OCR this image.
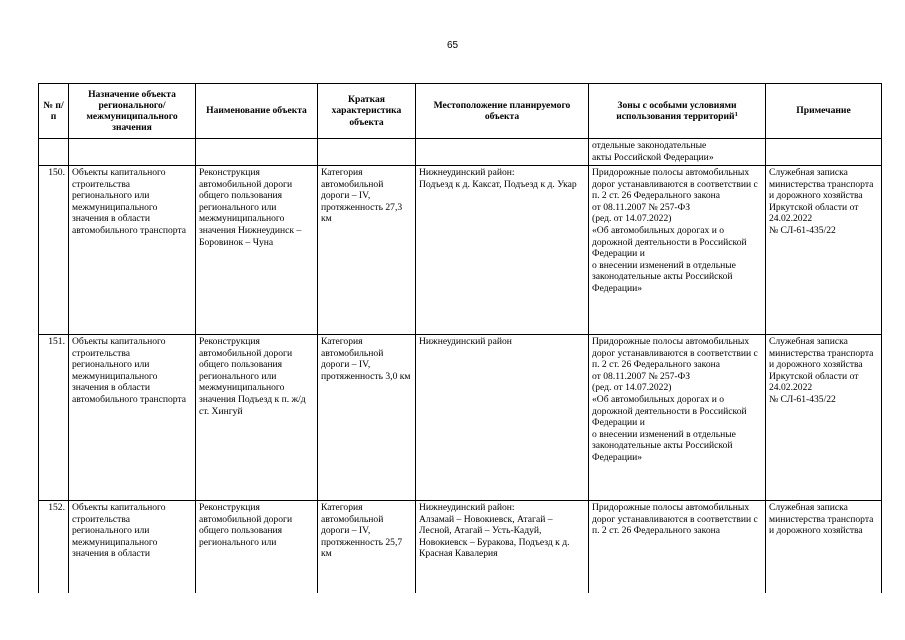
65
№ п/п	Назначение объекта регионального/ межмуниципального значения	Наименование объекта	Краткая характеристика объекта	Местоположение планируемого объекта	Зоны с особыми условиями использования территорий$^1$	Примечание
					отдельные законодательные
акты Российской Федерации»	
150.	Объекты капитального строительства регионального или межмуниципального значения в области автомобильного транспорта	Реконструкция автомобильной дороги общего пользования регионального или межмуниципального значения Нижнеудинск – Боровинок – Чуна	Категория автомобильной дороги – IV, протяженность 27,3 км	Нижнеудинский район:
Подъезд к д. Каксат, Подъезд к д. Укар	Придорожные полосы автомобильных дорог устанавливаются в соответствии с п. 2 ст. 26 Федерального закона
от 08.11.2007 № 257-ФЗ
(ред. от 14.07.2022)
«Об автомобильных дорогах и о дорожной деятельности в Российской Федерации и
о внесении изменений в отдельные законодательные акты Российской Федерации»	Служебная записка министерства транспорта и дорожного хозяйства Иркутской области от 24.02.2022
№ СЛ-61-435/22
151.	Объекты капитального строительства регионального или межмуниципального значения в области автомобильного транспорта	Реконструкция автомобильной дороги общего пользования регионального или межмуниципального значения Подъезд к п. ж/д ст. Хингуй	Категория автомобильной дороги – IV, протяженность 3,0 км	Нижнеудинский район	Придорожные полосы автомобильных дорог устанавливаются в соответствии с п. 2 ст. 26 Федерального закона
от 08.11.2007 № 257-ФЗ
(ред. от 14.07.2022)
«Об автомобильных дорогах и о дорожной деятельности в Российской Федерации и
о внесении изменений в отдельные законодательные акты Российской Федерации»	Служебная записка министерства транспорта и дорожного хозяйства Иркутской области от 24.02.2022
№ СЛ-61-435/22
152.	Объекты капитального строительства регионального или межмуниципального значения в области	Реконструкция автомобильной дороги общего пользования регионального или	Категория автомобильной дороги – IV, протяженность 25,7 км	Нижнеудинский район:
Алзамай – Новокиевск, Атагай – Лесной, Атагай – Усть-Кадуй, Новокиевск – Буракова, Подъезд к д. Красная Кавалерия	Придорожные полосы автомобильных дорог устанавливаются в соответствии с п. 2 ст. 26 Федерального закона	Служебная записка министерства транспорта и дорожного хозяйства
